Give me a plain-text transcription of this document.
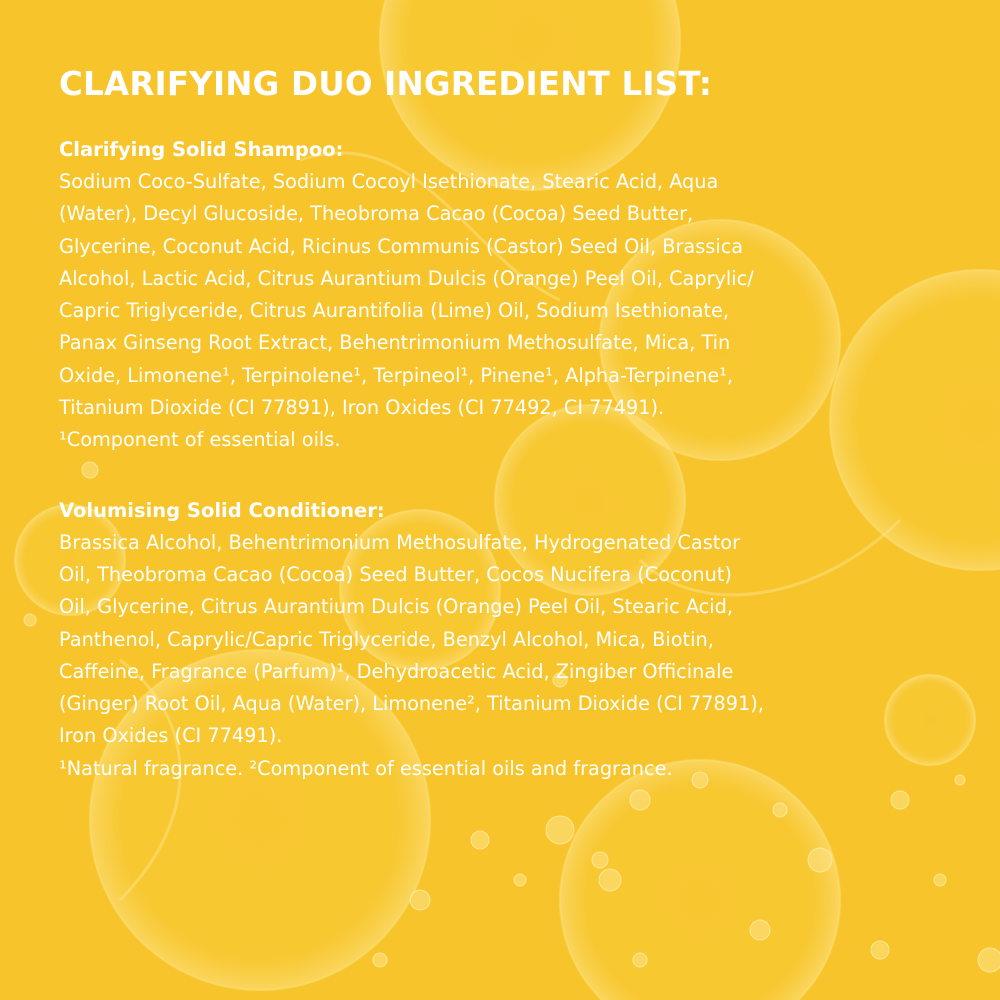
CLARIFYING DUO INGREDIENT LIST:
Clarifying Solid Shampoo:
Sodium Coco-Sulfate, Sodium Cocoyl Isethionate, Stearic Acid, Aqua
(Water), Decyl Glucoside, Theobroma Cacao (Cocoa) Seed Butter,
Glycerine, Coconut Acid, Ricinus Communis (Castor) Seed Oil, Brassica
Alcohol, Lactic Acid, Citrus Aurantium Dulcis (Orange) Peel Oil, Caprylic/
Capric Triglyceride, Citrus Aurantifolia (Lime) Oil, Sodium Isethionate,
Panax Ginseng Root Extract, Behentrimonium Methosulfate, Mica, Tin
Oxide, Limonene¹, Terpinolene¹, Terpineol¹, Pinene¹, Alpha-Terpinene¹,
Titanium Dioxide (CI 77891), Iron Oxides (CI 77492, CI 77491).
¹Component of essential oils.
Volumising Solid Conditioner:
Brassica Alcohol, Behentrimonium Methosulfate, Hydrogenated Castor
Oil, Theobroma Cacao (Cocoa) Seed Butter, Cocos Nucifera (Coconut)
Oil, Glycerine, Citrus Aurantium Dulcis (Orange) Peel Oil, Stearic Acid,
Panthenol, Caprylic/Capric Triglyceride, Benzyl Alcohol, Mica, Biotin,
Caffeine, Fragrance (Parfum)¹, Dehydroacetic Acid, Zingiber Officinale
(Ginger) Root Oil, Aqua (Water), Limonene², Titanium Dioxide (CI 77891),
Iron Oxides (CI 77491).
¹Natural fragrance. ²Component of essential oils and fragrance.
